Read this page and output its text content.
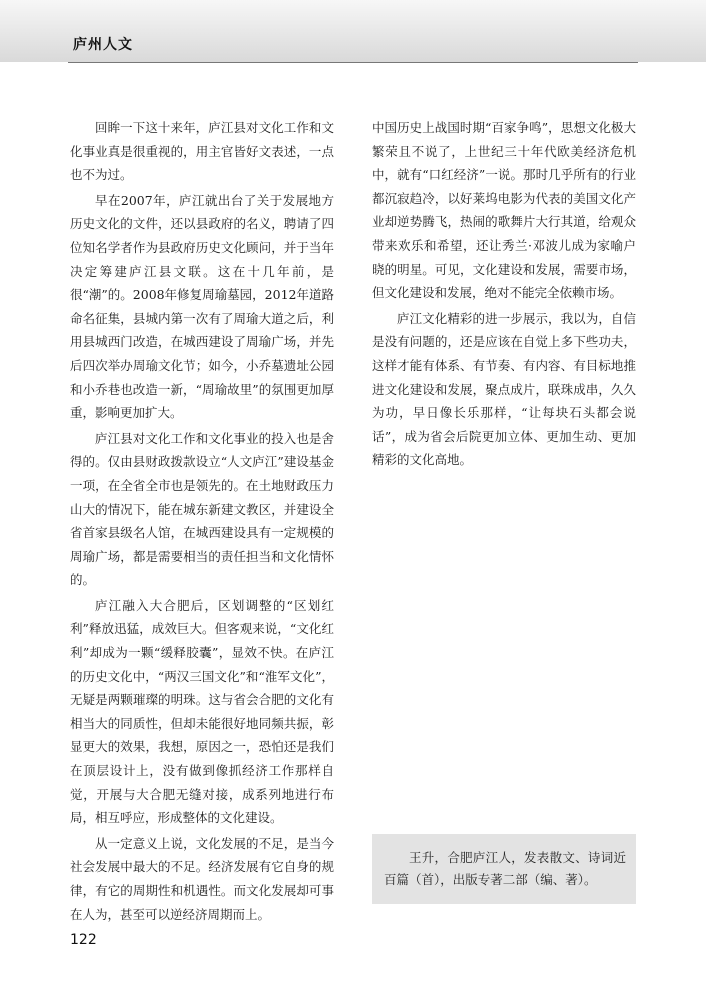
庐州人文

回眸一下这十来年，庐江县对文化工作和文化事业真是很重视的，用主官皆好文表述，一点也不为过。

早在2007年，庐江就出台了关于发展地方历史文化的文件，还以县政府的名义，聘请了四位知名学者作为县政府历史文化顾问，并于当年决定筹建庐江县文联。这在十几年前，是很“潮”的。2008年修复周瑜墓园，2012年道路命名征集，县城内第一次有了周瑜大道之后，利用县城西门改造，在城西建设了周瑜广场，并先后四次举办周瑜文化节；如今，小乔墓遗址公园和小乔巷也改造一新，“周瑜故里”的氛围更加厚重，影响更加扩大。

庐江县对文化工作和文化事业的投入也是舍得的。仅由县财政拨款设立“人文庐江”建设基金一项，在全省全市也是领先的。在土地财政压力山大的情况下，能在城东新建文教区，并建设全省首家县级名人馆，在城西建设具有一定规模的周瑜广场，都是需要相当的责任担当和文化情怀的。

庐江融入大合肥后，区划调整的“区划红利”释放迅猛，成效巨大。但客观来说，“文化红利”却成为一颗“缓释胶囊”，显效不快。在庐江的历史文化中，“两汉三国文化”和“淮军文化”，无疑是两颗璀璨的明珠。这与省会合肥的文化有相当大的同质性，但却未能很好地同频共振，彰显更大的效果，我想，原因之一，恐怕还是我们在顶层设计上，没有做到像抓经济工作那样自觉，开展与大合肥无缝对接，成系列地进行布局，相互呼应，形成整体的文化建设。

从一定意义上说，文化发展的不足，是当今社会发展中最大的不足。经济发展有它自身的规律，有它的周期性和机遇性。而文化发展却可事在人为，甚至可以逆经济周期而上。

中国历史上战国时期“百家争鸣”，思想文化极大繁荣且不说了，上世纪三十年代欧美经济危机中，就有“口红经济”一说。那时几乎所有的行业都沉寂趋冷，以好莱坞电影为代表的美国文化产业却逆势腾飞，热闹的歌舞片大行其道，给观众带来欢乐和希望，还让秀兰·邓波儿成为家喻户晓的明星。可见，文化建设和发展，需要市场，但文化建设和发展，绝对不能完全依赖市场。

庐江文化精彩的进一步展示，我以为，自信是没有问题的，还是应该在自觉上多下些功夫，这样才能有体系、有节奏、有内容、有目标地推进文化建设和发展，聚点成片，联珠成串，久久为功，早日像长乐那样，“让每块石头都会说话”，成为省会后院更加立体、更加生动、更加精彩的文化高地。

王升，合肥庐江人，发表散文、诗词近百篇（首），出版专著二部（编、著）。
122
